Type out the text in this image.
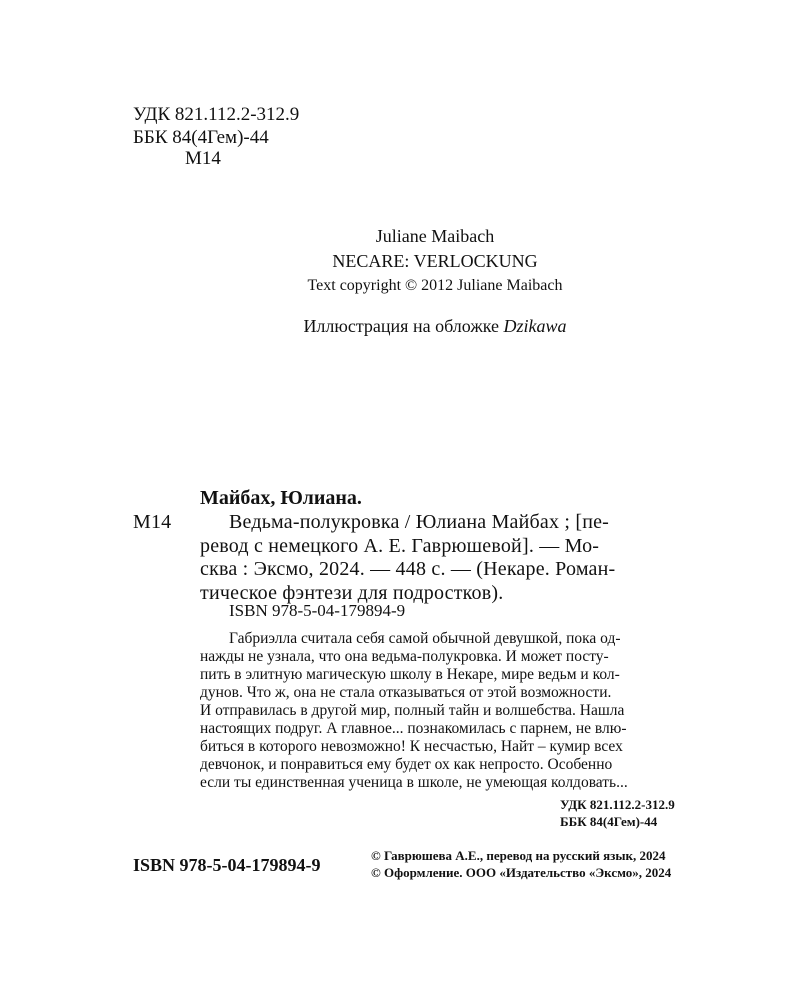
УДК 821.112.2-312.9
ББК 84(4Гем)-44
М14
Juliane Maibach
NECARE: VERLOCKUNG
Text copyright © 2012 Juliane Maibach
Иллюстрация на обложке Dzikawa
Майбах, Юлиана.
М14	Ведьма-полукровка / Юлиана Майбах ; [пе-
ревод с немецкого А. Е. Гаврюшевой]. — Мо-
сква : Эксмо, 2024. — 448 с. — (Некаре. Роман-
тическое фэнтези для подростков).
ISBN 978-5-04-179894-9
Габриэлла считала себя самой обычной девушкой, пока од-
нажды не узнала, что она ведьма-полукровка. И может посту-
пить в элитную магическую школу в Некаре, мире ведьм и кол-
дунов. Что ж, она не стала отказываться от этой возможности.
И отправилась в другой мир, полный тайн и волшебства. Нашла
настоящих подруг. А главное... познакомилась с парнем, не влю-
биться в которого невозможно! К несчастью, Найт – кумир всех
девчонок, и понравиться ему будет ох как непросто. Особенно
если ты единственная ученица в школе, не умеющая колдовать...
УДК 821.112.2-312.9
ББК 84(4Гем)-44
ISBN 978-5-04-179894-9	© Гаврюшева А.Е., перевод на русский язык, 2024
© Оформление. ООО «Издательство «Эксмо», 2024
